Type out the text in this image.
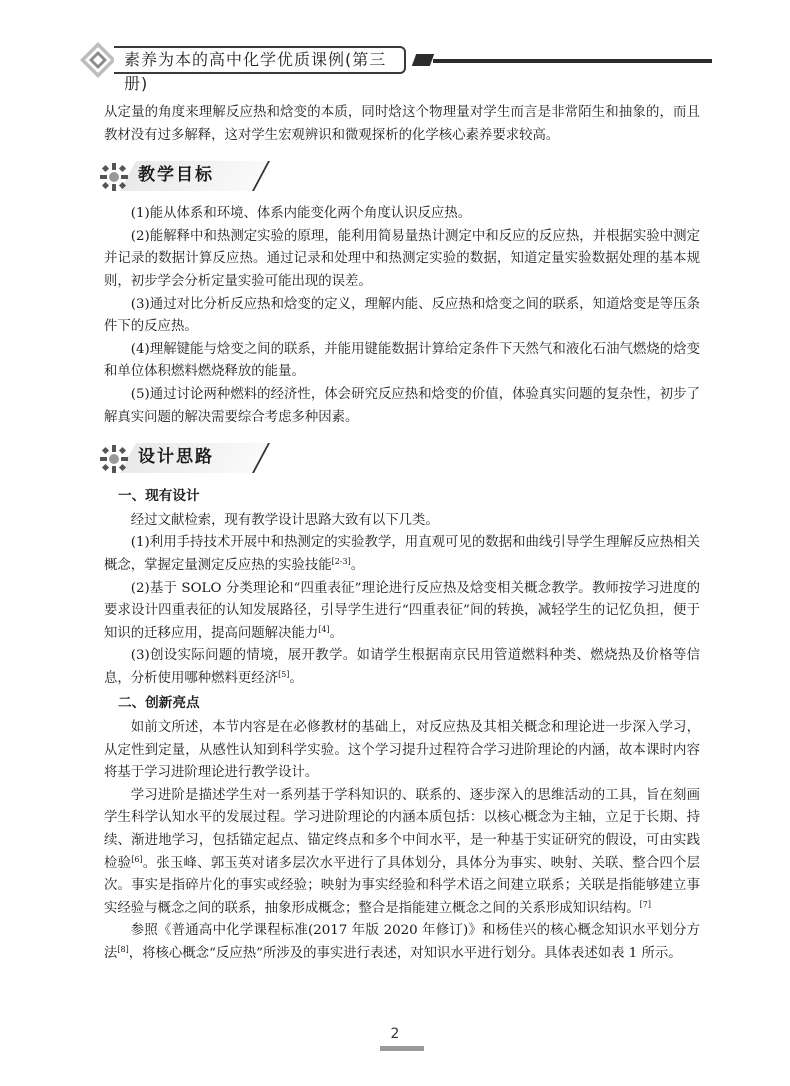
素养为本的高中化学优质课例(第三册)

从定量的角度来理解反应热和焓变的本质，同时焓这个物理量对学生而言是非常陌生和抽象的，而且教材没有过多解释，这对学生宏观辨识和微观探析的化学核心素养要求较高。

教学目标

(1)能从体系和环境、体系内能变化两个角度认识反应热。

(2)能解释中和热测定实验的原理，能利用简易量热计测定中和反应的反应热，并根据实验中测定并记录的数据计算反应热。通过记录和处理中和热测定实验的数据，知道定量实验数据处理的基本规则，初步学会分析定量实验可能出现的误差。

(3)通过对比分析反应热和焓变的定义，理解内能、反应热和焓变之间的联系，知道焓变是等压条件下的反应热。

(4)理解键能与焓变之间的联系，并能用键能数据计算给定条件下天然气和液化石油气燃烧的焓变和单位体积燃料燃烧释放的能量。

(5)通过讨论两种燃料的经济性，体会研究反应热和焓变的价值，体验真实问题的复杂性，初步了解真实问题的解决需要综合考虑多种因素。

设计思路

一、现有设计

经过文献检索，现有教学设计思路大致有以下几类。

(1)利用手持技术开展中和热测定的实验教学，用直观可见的数据和曲线引导学生理解反应热相关概念，掌握定量测定反应热的实验技能[2-3]。

(2)基于 SOLO 分类理论和“四重表征”理论进行反应热及焓变相关概念教学。教师按学习进度的要求设计四重表征的认知发展路径，引导学生进行“四重表征”间的转换，减轻学生的记忆负担，便于知识的迁移应用，提高问题解决能力[4]。

(3)创设实际问题的情境，展开教学。如请学生根据南京民用管道燃料种类、燃烧热及价格等信息，分析使用哪种燃料更经济[5]。

二、创新亮点

如前文所述，本节内容是在必修教材的基础上，对反应热及其相关概念和理论进一步深入学习，从定性到定量，从感性认知到科学实验。这个学习提升过程符合学习进阶理论的内涵，故本课时内容将基于学习进阶理论进行教学设计。

学习进阶是描述学生对一系列基于学科知识的、联系的、逐步深入的思维活动的工具，旨在刻画学生科学认知水平的发展过程。学习进阶理论的内涵本质包括：以核心概念为主轴，立足于长期、持续、渐进地学习，包括锚定起点、锚定终点和多个中间水平，是一种基于实证研究的假设，可由实践检验[6]。张玉峰、郭玉英对诸多层次水平进行了具体划分，具体分为事实、映射、关联、整合四个层次。事实是指碎片化的事实或经验；映射为事实经验和科学术语之间建立联系；关联是指能够建立事实经验与概念之间的联系，抽象形成概念；整合是指能建立概念之间的关系形成知识结构。[7]

参照《普通高中化学课程标准(2017 年版 2020 年修订)》和杨佳兴的核心概念知识水平划分方法[8]，将核心概念“反应热”所涉及的事实进行表述，对知识水平进行划分。具体表述如表 1 所示。

2
